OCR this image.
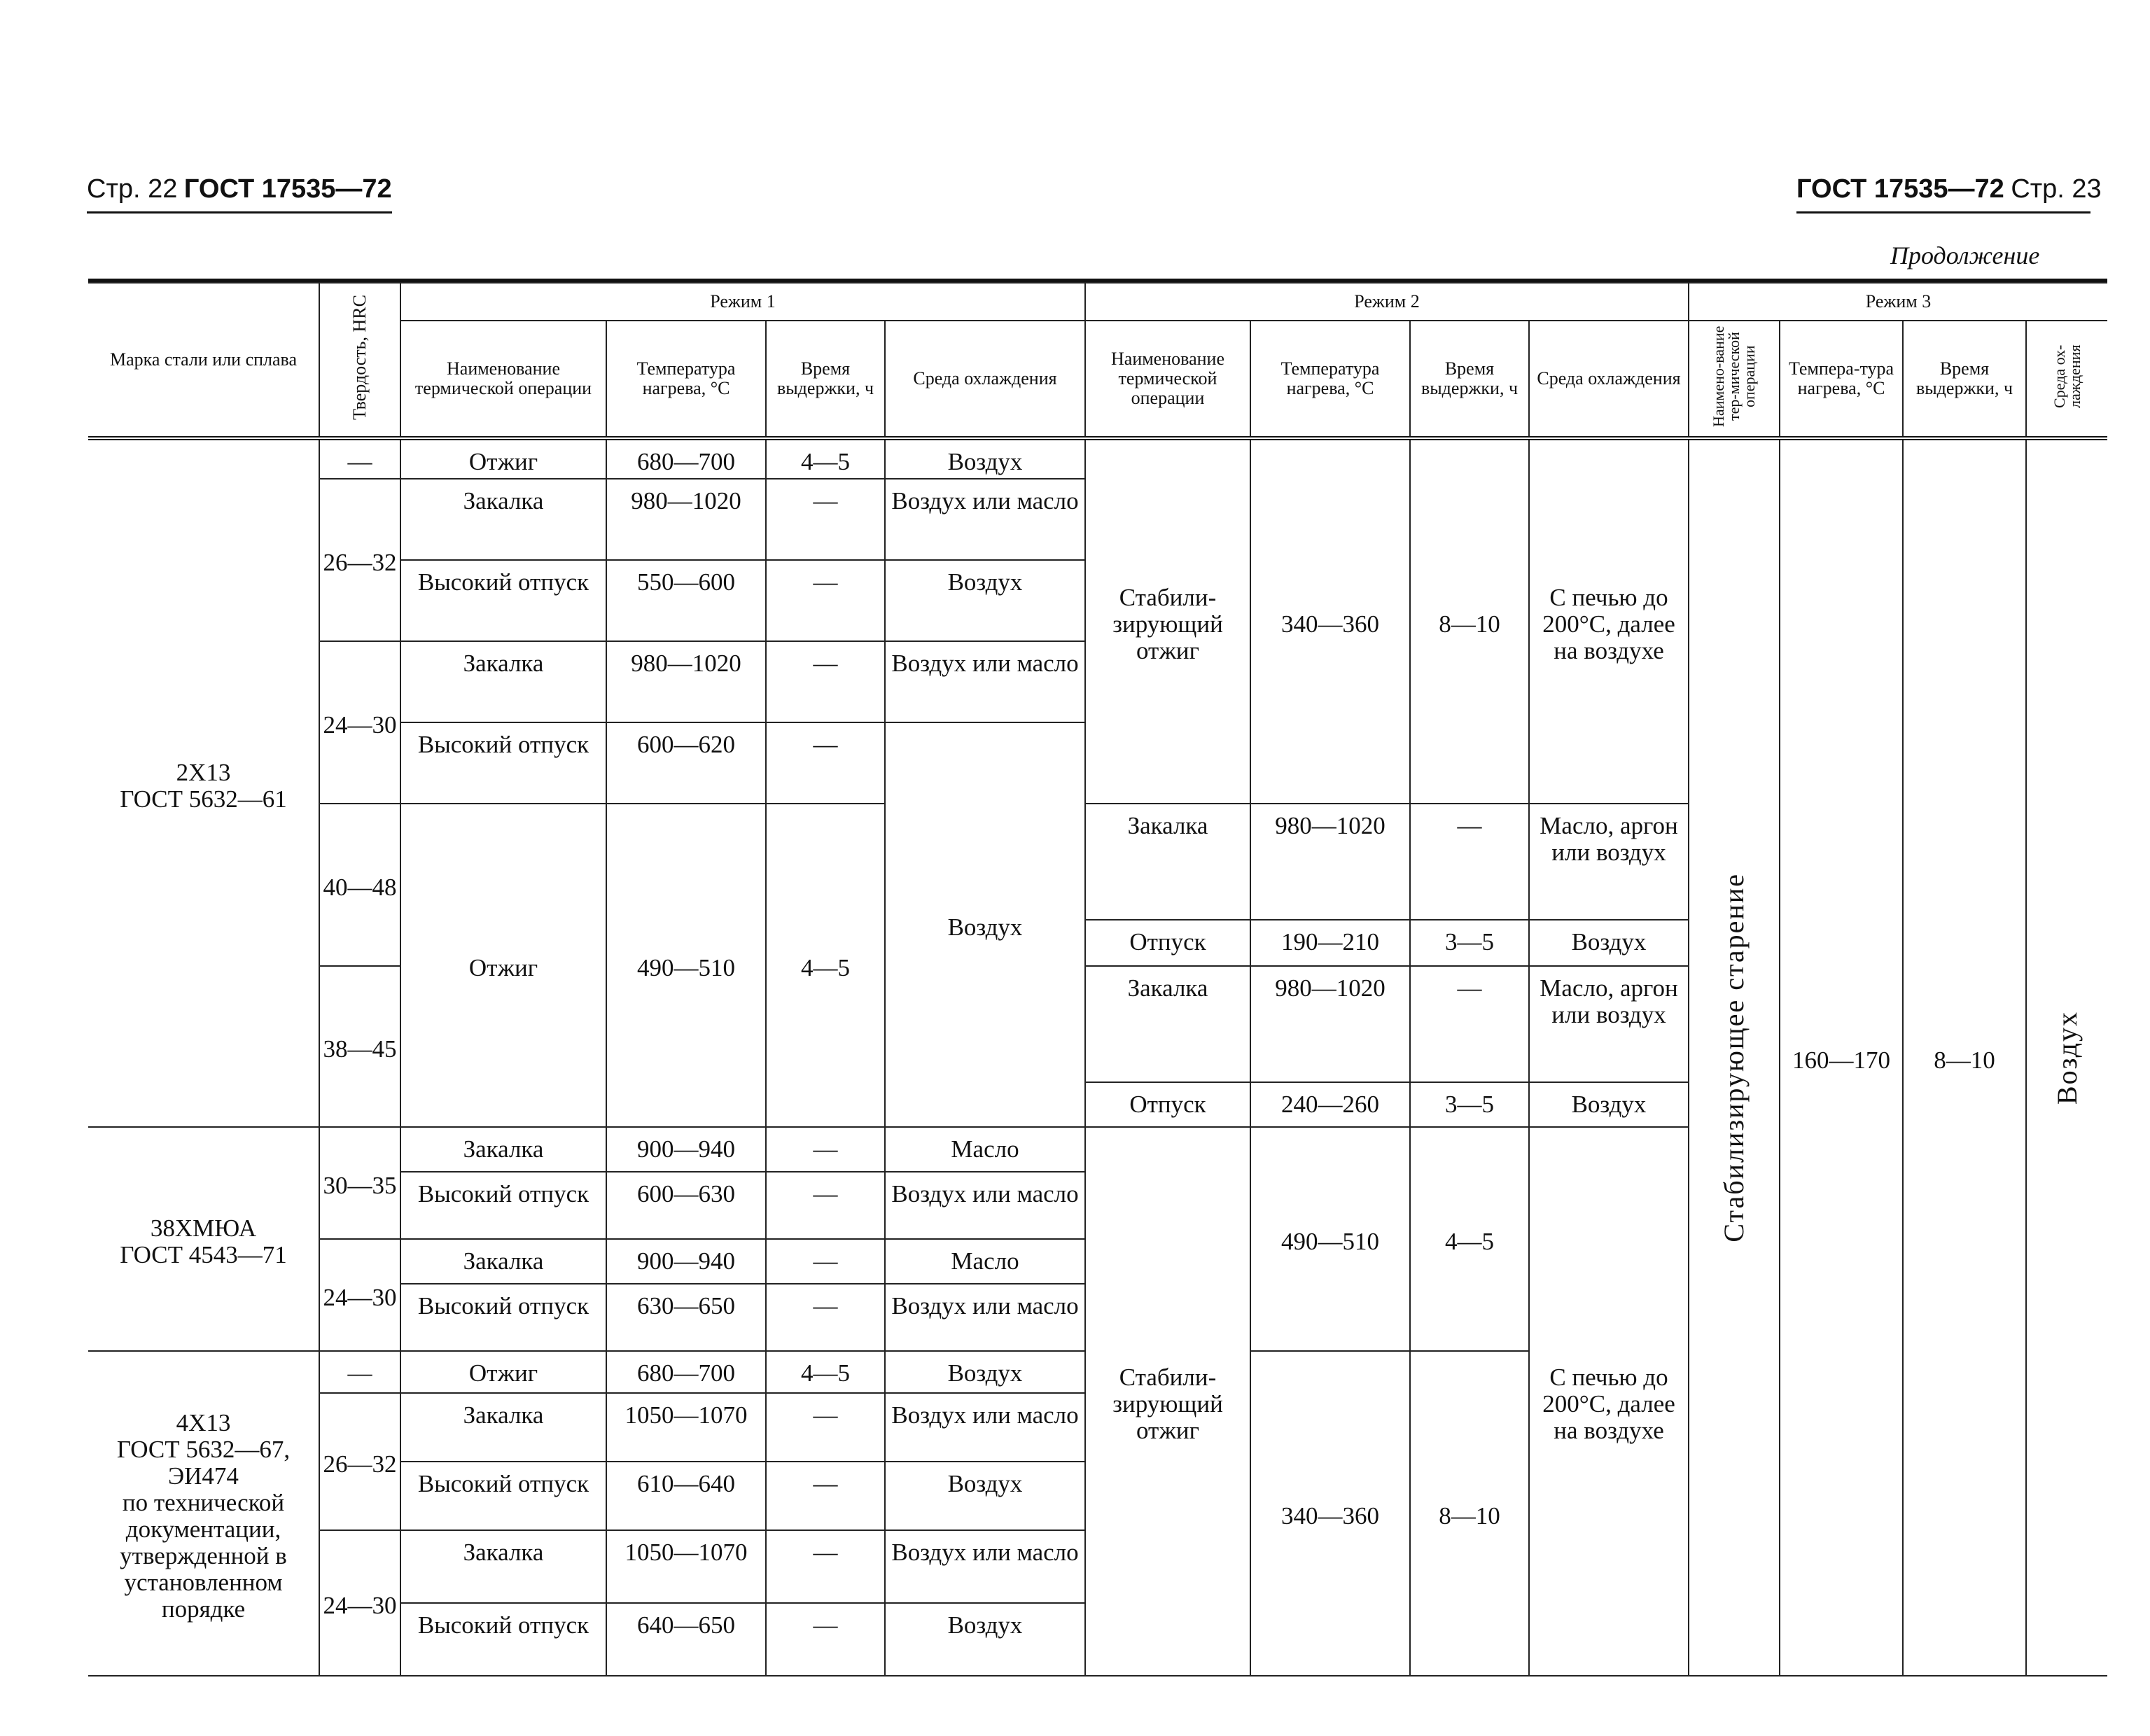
Стр. 22 ГОСТ 17535—72	ГОСТ 17535—72 Стр. 23
Продолжение
Марка стали или сплава	Твердость, HRC	Режим 1				Режим 2				Режим 3			
		Наименование термической операции	Температура нагрева, °С	Время выдержки, ч	Среда охлаждения	Наименование термической операции	Температура нагрева, °С	Время выдержки, ч	Среда охлаждения	Наимено-вание тер-мической операции	Темпера-тура нагрева, °С	Время выдержки, ч	Среда ох-лаждения

2Х13
ГОСТ 5632—61	—	Отжиг	680—700	4—5	Воздух	Стабили-зирующий отжиг	340—360	8—10	С печью до 200°С, далее на воздухе	Стабилизирующее старение	160—170	8—10	Воздух
	26—32	Закалка	980—1020	—	Воздух или масло								
		Высокий отпуск	550—600	—	Воздух								
	24—30	Закалка	980—1020	—	Воздух или масло								
		Высокий отпуск	600—620	—	Воздух								
	40—48	Отжиг	490—510	4—5		Закалка	980—1020	—	Масло, аргон или воздух				
						Отпуск	190—210	3—5	Воздух				
	38—45					Закалка	980—1020	—	Масло, аргон или воздух				
						Отпуск	240—260	3—5	Воздух				

38ХМЮА
ГОСТ 4543—71	30—35	Закалка	900—940	—	Масло	Стабили-зирующий отжиг	490—510	4—5	С печью до 200°С, далее на воздухе				
		Высокий отпуск	600—630	—	Воздух или масло								
	24—30	Закалка	900—940	—	Масло								
		Высокий отпуск	630—650	—	Воздух или масло								

4Х13
ГОСТ 5632—67,
ЭИ474
по технической документации, утвержденной в установленном порядке	—	Отжиг	680—700	4—5	Воздух		340—360	8—10					
	26—32	Закалка	1050—1070	—	Воздух или масло								
		Высокий отпуск	610—640	—	Воздух								
	24—30	Закалка	1050—1070	—	Воздух или масло								
		Высокий отпуск	640—650	—	Воздух								
